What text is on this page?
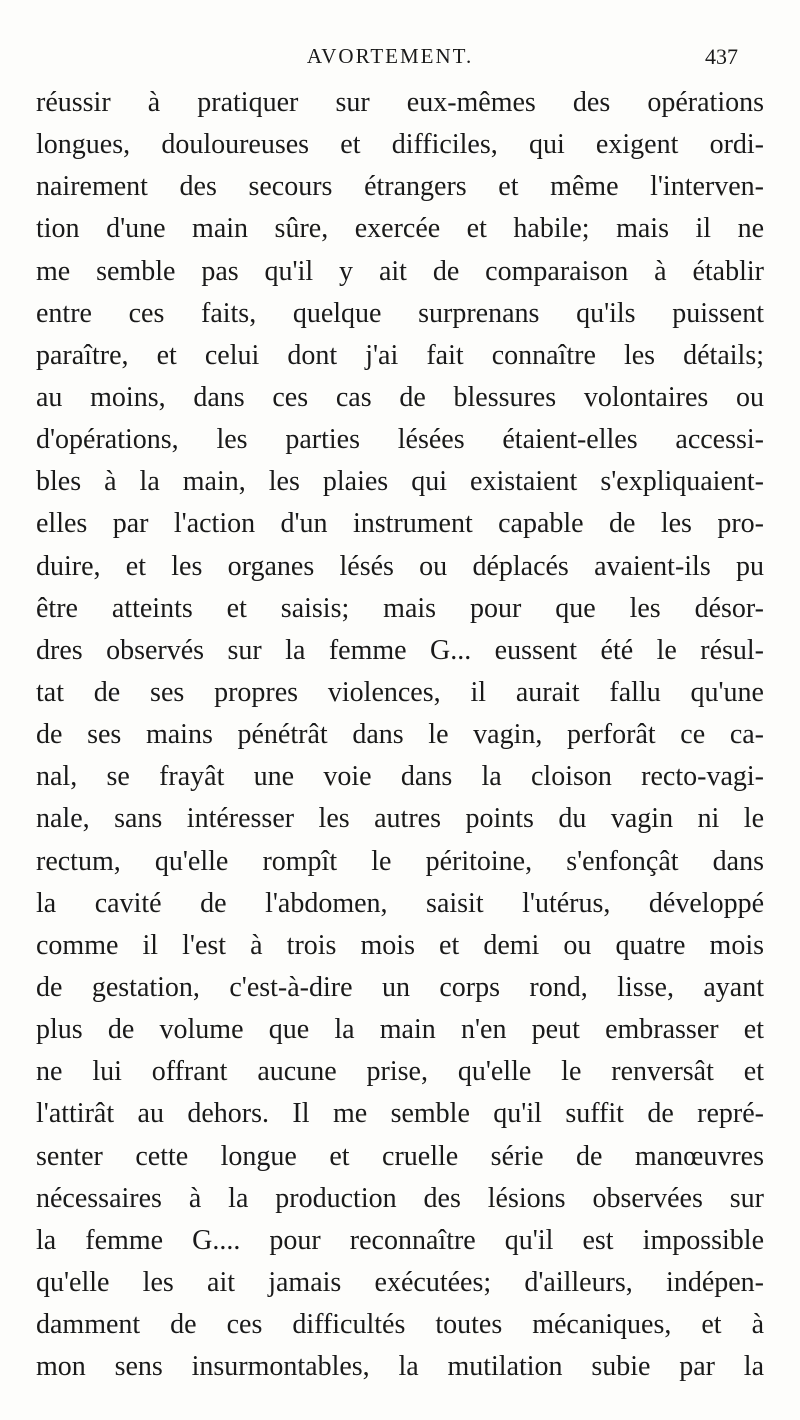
AVORTEMENT.	437
réussir à pratiquer sur eux-mêmes des opérations
longues, douloureuses et difficiles, qui exigent ordi-
nairement des secours étrangers et même l'interven-
tion d'une main sûre, exercée et habile; mais il ne
me semble pas qu'il y ait de comparaison à établir
entre ces faits, quelque surprenans qu'ils puissent
paraître, et celui dont j'ai fait connaître les détails;
au moins, dans ces cas de blessures volontaires ou
d'opérations, les parties lésées étaient-elles accessi-
bles à la main, les plaies qui existaient s'expliquaient-
elles par l'action d'un instrument capable de les pro-
duire, et les organes lésés ou déplacés avaient-ils pu
être atteints et saisis; mais pour que les désor-
dres observés sur la femme G... eussent été le résul-
tat de ses propres violences, il aurait fallu qu'une
de ses mains pénétrât dans le vagin, perforât ce ca-
nal, se frayât une voie dans la cloison recto-vagi-
nale, sans intéresser les autres points du vagin ni le
rectum, qu'elle rompît le péritoine, s'enfonçât dans
la cavité de l'abdomen, saisit l'utérus, développé
comme il l'est à trois mois et demi ou quatre mois
de gestation, c'est-à-dire un corps rond, lisse, ayant
plus de volume que la main n'en peut embrasser et
ne lui offrant aucune prise, qu'elle le renversât et
l'attirât au dehors. Il me semble qu'il suffit de repré-
senter cette longue et cruelle série de manœuvres
nécessaires à la production des lésions observées sur
la femme G.... pour reconnaître qu'il est impossible
qu'elle les ait jamais exécutées; d'ailleurs, indépen-
damment de ces difficultés toutes mécaniques, et à
mon sens insurmontables, la mutilation subie par la
